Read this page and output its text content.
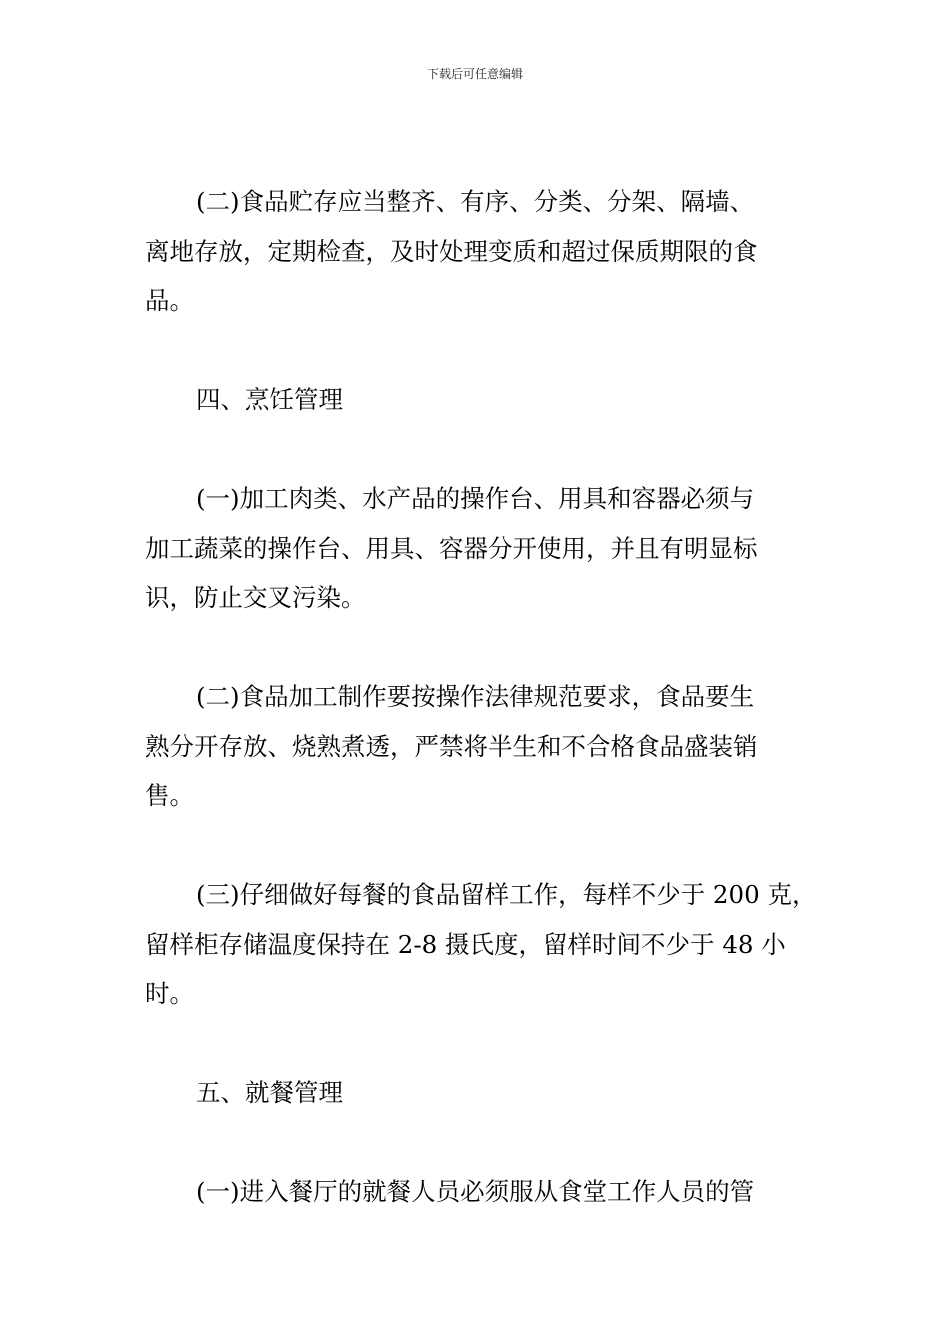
下载后可任意编辑
(二)食品贮存应当整齐、有序、分类、分架、隔墙、
离地存放，定期检查，及时处理变质和超过保质期限的食
品。
四、烹饪管理
(一)加工肉类、水产品的操作台、用具和容器必须与
加工蔬菜的操作台、用具、容器分开使用，并且有明显标
识，防止交叉污染。
(二)食品加工制作要按操作法律规范要求，食品要生
熟分开存放、烧熟煮透，严禁将半生和不合格食品盛装销
售。
(三)仔细做好每餐的食品留样工作，每样不少于 200 克，
留样柜存储温度保持在 2-8 摄氏度，留样时间不少于 48 小
时。
五、就餐管理
(一)进入餐厅的就餐人员必须服从食堂工作人员的管
